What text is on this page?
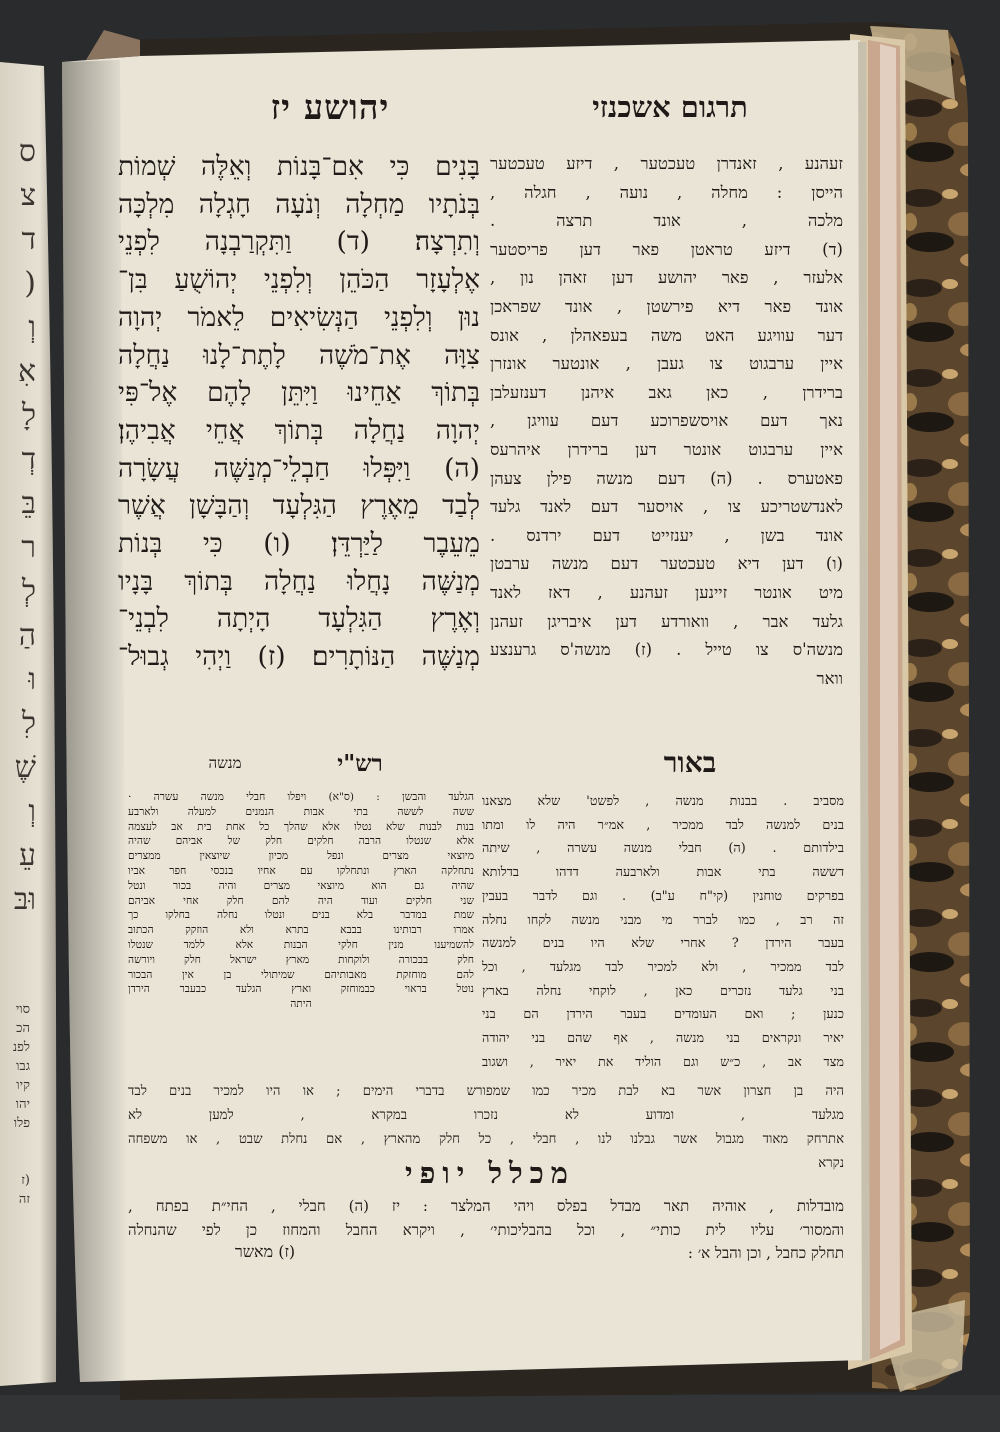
ס
צ
ד
(
וְ
אִ
לָ
דְ
בֵּ
ר
לְ
הַ
וּ
לִ
שֶׁ
וְ
עֵ
וּבּ
סוי
הכ
לפנ
גבו
קיו
יהו
פלו

(ז
זה
יהושע יז	תרגום אשכנזי
בָּנִים כִּי אִם־בָּנוֹת וְאֵלֶּה שְׁמוֹת
בְּנֹתָיו מַחְלָה וְנֹעָה חָגְלָה מִלְכָּה
וְתִרְצָה׃ (ד) וַתִּקְרַבְנָה לִפְנֵי
אֶלְעָזָר הַכֹּהֵן וְלִפְנֵי יְהוֹשֻׁעַ בִּן־
נוּן וְלִפְנֵי הַנְּשִׂיאִים לֵאמֹר יְהוָה
צִוָּה אֶת־מֹשֶׁה לָתֶת־לָנוּ נַחֲלָה
בְּתוֹךְ אַחֵינוּ וַיִּתֵּן לָהֶם אֶל־פִּי
יְהוָה נַחֲלָה בְּתוֹךְ אֲחֵי אֲבִיהֶן׃
(ה) וַיִּפְּלוּ חַבְלֵי־מְנַשֶּׁה עֲשָׂרָה
לְבַד מֵאֶרֶץ הַגִּלְעָד וְהַבָּשָׁן אֲשֶׁר
מֵעֵבֶר לַיַּרְדֵּן׃ (ו) כִּי בְּנוֹת
מְנַשֶּׁה נָחֲלוּ נַחֲלָה בְּתוֹךְ בָּנָיו
וְאֶרֶץ הַגִּלְעָד הָיְתָה לִבְנֵי־
מְנַשֶּׁה הַנּוֹתָרִים׃ (ז) וַיְהִי גְבוּל־
זעהנע , זאנדרן טעכטער , דיזע טעכטער
הייסן : מחלה , נועה , חגלה ,
מלכה , אונד תרצה .
(ד) דיזע טראטן פאר דען פריסטער
אלעזר , פאר יהושע דען זאהן נון ,
אונד פאר דיא פירשטן , אונד שפראכן
דער עוויגע האט משה בעפאהלן , אונס
איין ערבגוט צו געבן , אונטער אונזרן
ברידרן , כאן גאב איהנן דענזעלבן
נאך דעם אויסשפרוכע דעם עוויגן ,
איין ערבגוט אונטר דען ברידרן איהרעס
פאטערס . (ה) דעם מנשה פילן צעהן
לאנדשטריכע צו , אויסער דעם לאנד גלעד
אונד בשן , יענזייט דעם ירדנס .
(ו) דען דיא טעכטער דעם מנשה ערבטן
מיט אונטר זיינען זעהנע , דאז לאנד
גלעד אבר , וואורדע דען איבריגן זעהנן
מנשה'ס צו טייל . (ז) מנשה'ס גרענצע
וואר
רש"י
מנשה	באור
הגלעד והבשן : (ס"א) ויפלו חבלי מנשה עשרה ·
ששה לששה בתי אבות הנמנים למעלה ולארבע
בנות לבנות שלא נטלו אלא שהלך כל אחת בית אב לעצמה
אלא שנטלו הרבה חלקים חלק של אביהם שהיה
מיוצאי מצרים ונפל מכיון שיוצאין ממצרים
נתחלקה הארץ ונתחלקו עם אחיו בנכסי חפר אביו
שהיה גם הוא מיוצאי מצרים והיה בכור ונטל
שני חלקים ועוד היה להם חלק אחי אביהם
שמת במדבר בלא בנים ונטלו נחלה בחלקו כך
אמרו רבותינו בבבא בתרא ולא הוזקק הכתוב
להשמיענו מנין חלקי הבנות אלא ללמד שנטלו
חלק בבכורה ולוקחות מארץ ישראל חלק ויורשה
להם מוחזקת מאבותיהם שמיתולי בן אין הבכור
נוטל בראוי כבמוחזק וארץ הגלעד כבעבר הירדן
היתה
מסביב . בבנות מנשה , לפשט' שלא מצאנו
בנים למנשה לבד ממכיר , אמ״ר היה לו ומתו
בילדותם . (ה) חבלי מנשה עשרה , שיתה
דששה בתי אבות ולארבעה דדהו בדלותא
בפרקים טוחנין (קי"ח ע"ב) . וגם לדבר בעבין
זה רב , כמו לברר מי מבני מנשה לקחו נחלה
בעבר הירדן ? אחרי שלא היו בנים למנשה
לבד ממכיר , ולא למכיר לבד מגלעד , וכל
בני גלעד נזכרים כאן , לוקחי נחלה בארץ
כנען ; ואם העומדים בעבר הירדן הם בני
יאיר ונקראים בני מנשה , אף שהם בני יהודה
מצד אב , כ״ש וגם הוליד את יאיר , ושגוב
היה בן חצרון אשר בא לבת מכיר כמו שמפורש בדברי הימים ; או היו למכיר בנים לבד
מגלעד , ומדוע לא נזכרו במקרא , למען לא
אתרחק מאוד מגבול אשר גבלנו לנו , חבלי , כל חלק מהארץ , אם נחלת שבט , או משפחה
נקרא
מכלל יופי
מובדלות , אוהיה תאר מבדל בפלס ויהי המלצר : יז (ה) חבלי , החי״ת בפתח ,
והמסור׳ עליו לית כותי״ , וכל בהבליכותי׳ , ויקרא החבל והמחוז כן לפי שהנחלה
תחלק כחבל , וכן והבל א׳ :
(ז) מאשר
